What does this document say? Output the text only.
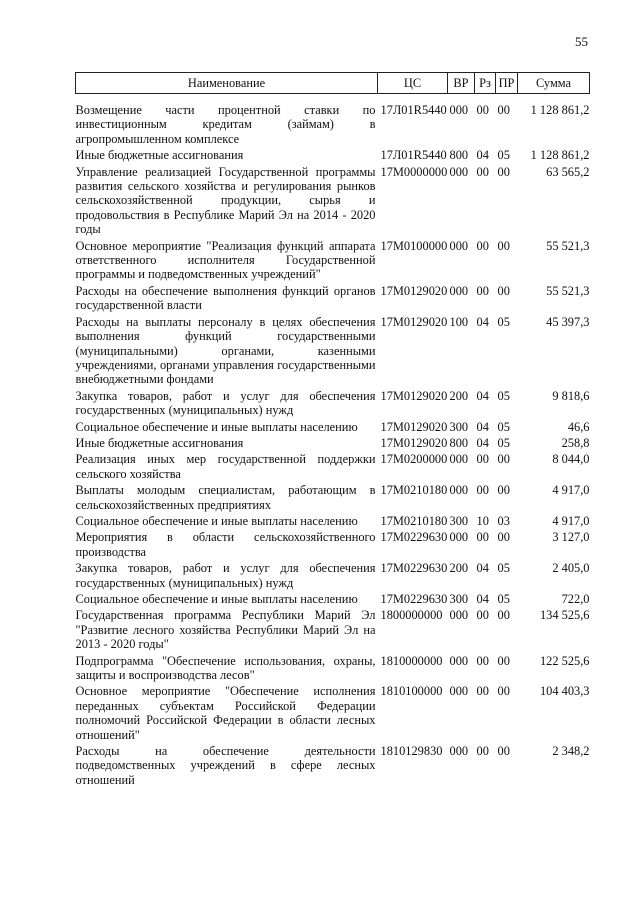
55
Наименование	ЦС	ВР	Рз	ПР	Сумма
Возмещение части процентной ставки по инвестиционным кредитам (займам) в агропромышленном комплексе	17Л01R5440	000	00	00	1 128 861,2
Иные бюджетные ассигнования	17Л01R5440	800	04	05	1 128 861,2
Управление реализацией Государственной программы развития сельского хозяйства и регулирования рынков сельскохозяйственной продукции, сырья и продовольствия в Республике Марий Эл на 2014 - 2020 годы	17М0000000	000	00	00	63 565,2
Основное мероприятие "Реализация функций аппарата ответственного исполнителя Государственной программы и подведомственных учреждений"	17М0100000	000	00	00	55 521,3
Расходы на обеспечение выполнения функций органов государственной власти	17М0129020	000	00	00	55 521,3
Расходы на выплаты персоналу в целях обеспечения выполнения функций государственными (муниципальными) органами, казенными учреждениями, органами управления государственными внебюджетными фондами	17М0129020	100	04	05	45 397,3
Закупка товаров, работ и услуг для обеспечения государственных (муниципальных) нужд	17М0129020	200	04	05	9 818,6
Социальное обеспечение и иные выплаты населению	17М0129020	300	04	05	46,6
Иные бюджетные ассигнования	17М0129020	800	04	05	258,8
Реализация иных мер государственной поддержки сельского хозяйства	17М0200000	000	00	00	8 044,0
Выплаты молодым специалистам, работающим в сельскохозяйственных предприятиях	17М0210180	000	00	00	4 917,0
Социальное обеспечение и иные выплаты населению	17М0210180	300	10	03	4 917,0
Мероприятия в области сельскохозяйственного производства	17М0229630	000	00	00	3 127,0
Закупка товаров, работ и услуг для обеспечения государственных (муниципальных) нужд	17М0229630	200	04	05	2 405,0
Социальное обеспечение и иные выплаты населению	17М0229630	300	04	05	722,0
Государственная программа Республики Марий Эл "Развитие лесного хозяйства Республики Марий Эл на 2013 - 2020 годы"	1800000000	000	00	00	134 525,6
Подпрограмма "Обеспечение использования, охраны, защиты и воспроизводства лесов"	1810000000	000	00	00	122 525,6
Основное мероприятие "Обеспечение исполнения переданных субъектам Российской Федерации полномочий Российской Федерации в области лесных отношений"	1810100000	000	00	00	104 403,3
Расходы на обеспечение деятельности подведомственных учреждений в сфере лесных отношений	1810129830	000	00	00	2 348,2
